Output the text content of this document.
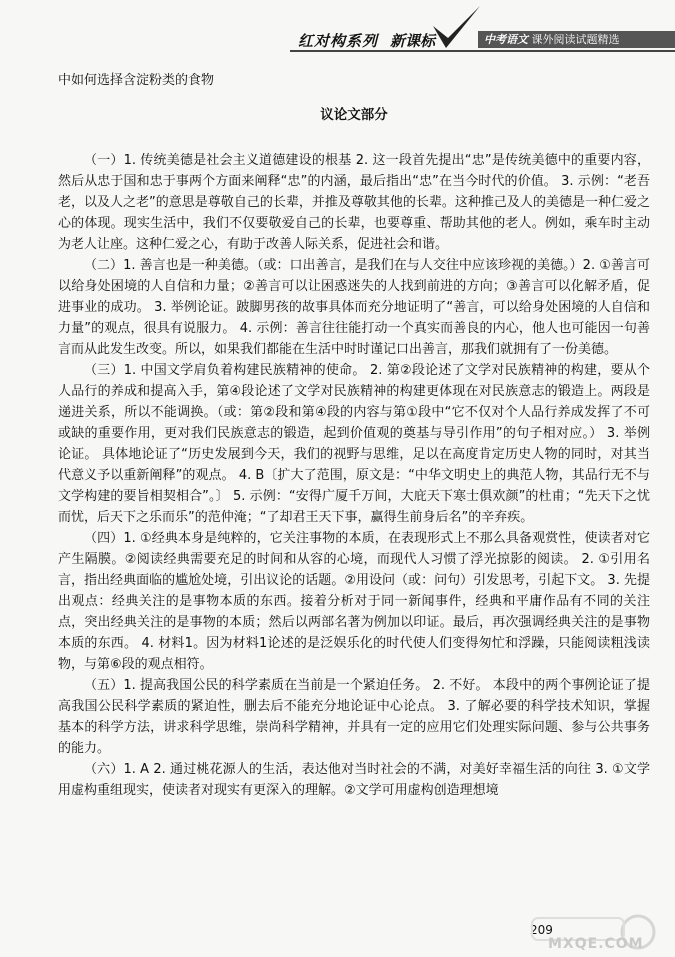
红对构系列 新课标	中考语文 课外阅读试题精选

中如何选择含淀粉类的食物

议论文部分

（一）1. 传统美德是社会主义道德建设的根基 2. 这一段首先提出“忠”是传统美德中的重要内容，然后从忠于国和忠于事两个方面来阐释“忠”的内涵，最后指出“忠”在当今时代的价值。 3. 示例：“老吾老，以及人之老”的意思是尊敬自己的长辈，并推及尊敬其他的长辈。这种推己及人的美德是一种仁爱之心的体现。现实生活中，我们不仅要敬爱自己的长辈，也要尊重、帮助其他的老人。例如，乘车时主动为老人让座。这种仁爱之心，有助于改善人际关系，促进社会和谐。

（二）1. 善言也是一种美德。（或：口出善言，是我们在与人交往中应该珍视的美德。）2. ①善言可以给身处困境的人自信和力量；②善言可以让困惑迷失的人找到前进的方向；③善言可以化解矛盾，促进事业的成功。 3. 举例论证。跛脚男孩的故事具体而充分地证明了“善言，可以给身处困境的人自信和力量”的观点，很具有说服力。 4. 示例：善言往往能打动一个真实而善良的内心，他人也可能因一句善言而从此发生改变。所以，如果我们都能在生活中时时谨记口出善言，那我们就拥有了一份美德。

（三）1. 中国文学肩负着构建民族精神的使命。 2. 第②段论述了文学对民族精神的构建，要从个人品行的养成和提高入手，第④段论述了文学对民族精神的构建更体现在对民族意志的锻造上。两段是递进关系，所以不能调换。（或：第②段和第④段的内容与第①段中“它不仅对个人品行养成发挥了不可或缺的重要作用，更对我们民族意志的锻造，起到价值观的奠基与导引作用”的句子相对应。） 3. 举例论证。 具体地论证了“历史发展到今天，我们的视野与思维，足以在高度肯定历史人物的同时，对其当代意义予以重新阐释”的观点。 4. B〔扩大了范围，原文是：“中华文明史上的典范人物，其品行无不与文学构建的要旨相契相合”。〕 5. 示例：“安得广厦千万间，大庇天下寒士俱欢颜”的杜甫；“先天下之忧而忧，后天下之乐而乐”的范仲淹；“了却君王天下事，赢得生前身后名”的辛弃疾。

（四）1. ①经典本身是纯粹的，它关注事物的本质，在表现形式上不那么具备观赏性，使读者对它产生隔膜。②阅读经典需要充足的时间和从容的心境，而现代人习惯了浮光掠影的阅读。 2. ①引用名言，指出经典面临的尴尬处境，引出议论的话题。②用设问（或：问句）引发思考，引起下文。 3. 先提出观点：经典关注的是事物本质的东西。接着分析对于同一新闻事件，经典和平庸作品有不同的关注点，突出经典关注的是事物的本质；然后以两部名著为例加以印证。最后，再次强调经典关注的是事物本质的东西。 4. 材料1。因为材料1论述的是泛娱乐化的时代使人们变得匆忙和浮躁，只能阅读粗浅读物，与第⑥段的观点相符。

（五）1. 提高我国公民的科学素质在当前是一个紧迫任务。 2. 不好。 本段中的两个事例论证了提高我国公民科学素质的紧迫性，删去后不能充分地论证中心论点。 3. 了解必要的科学技术知识，掌握基本的科学方法，讲求科学思维，崇尚科学精神，并具有一定的应用它们处理实际问题、参与公共事务的能力。

（六）1. A 2. 通过桃花源人的生活，表达他对当时社会的不满，对美好幸福生活的向往 3. ①文学用虚构重组现实，使读者对现实有更深入的理解。②文学可用虚构创造理想境

209
MXQE.COM
